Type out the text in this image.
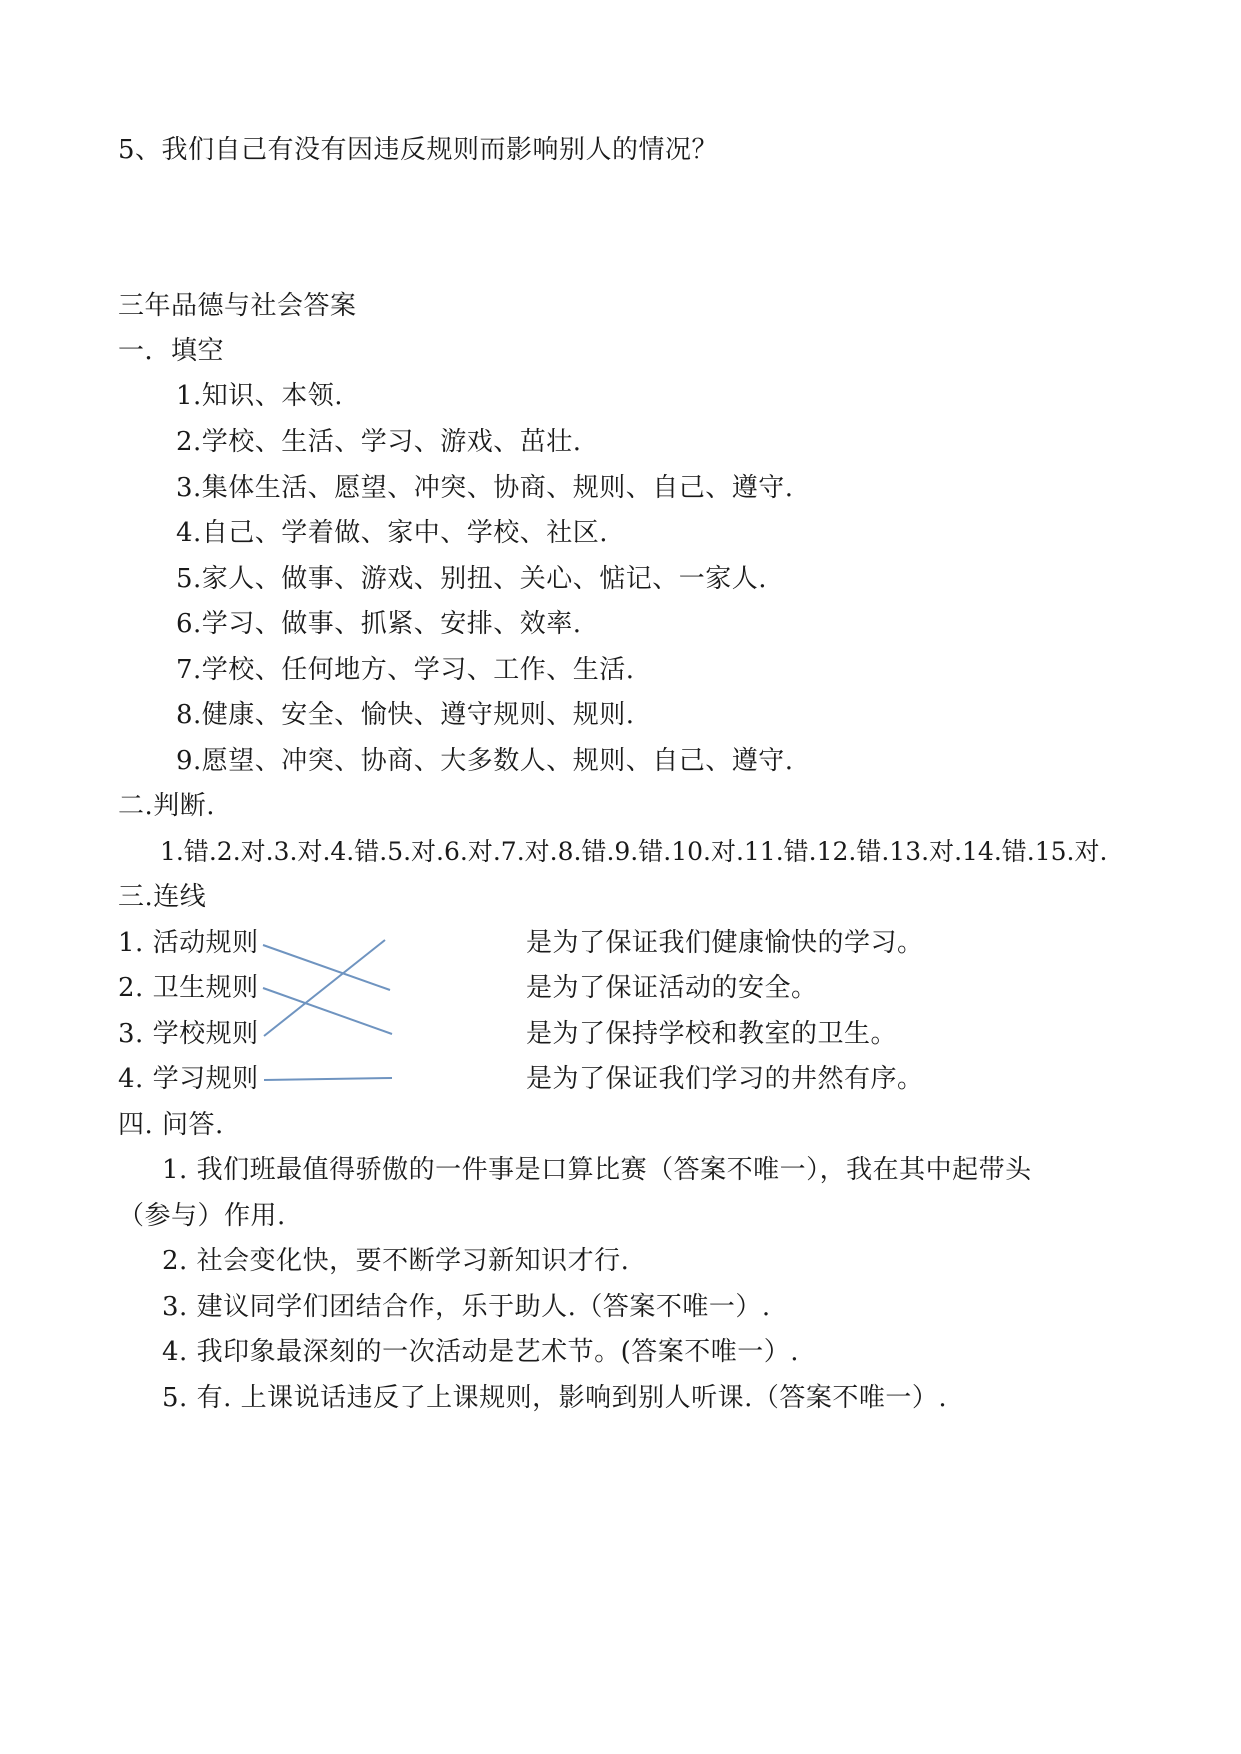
5、我们自己有没有因违反规则而影响别人的情况？
三年品德与社会答案
一．填空
1.知识、本领.
2.学校、生活、学习、游戏、茁壮.
3.集体生活、愿望、冲突、协商、规则、自己、遵守.
4.自己、学着做、家中、学校、社区.
5.家人、做事、游戏、别扭、关心、惦记、一家人.
6.学习、做事、抓紧、安排、效率.
7.学校、任何地方、学习、工作、生活.
8.健康、安全、愉快、遵守规则、规则.
9.愿望、冲突、协商、大多数人、规则、自己、遵守.
二.判断.
1.错.2.对.3.对.4.错.5.对.6.对.7.对.8.错.9.错.10.对.11.错.12.错.13.对.14.错.15.对.
三.连线
1. 活动规则
2. 卫生规则
3. 学校规则
4. 学习规则
是为了保证我们健康愉快的学习。
是为了保证活动的安全。
是为了保持学校和教室的卫生。
是为了保证我们学习的井然有序。
四. 问答.
1. 我们班最值得骄傲的一件事是口算比赛（答案不唯一），我在其中起带头
（参与）作用.
2. 社会变化快，要不断学习新知识才行.
3. 建议同学们团结合作，乐于助人.（答案不唯一）.
4. 我印象最深刻的一次活动是艺术节。(答案不唯一）.
5. 有. 上课说话违反了上课规则，影响到别人听课.（答案不唯一）.
